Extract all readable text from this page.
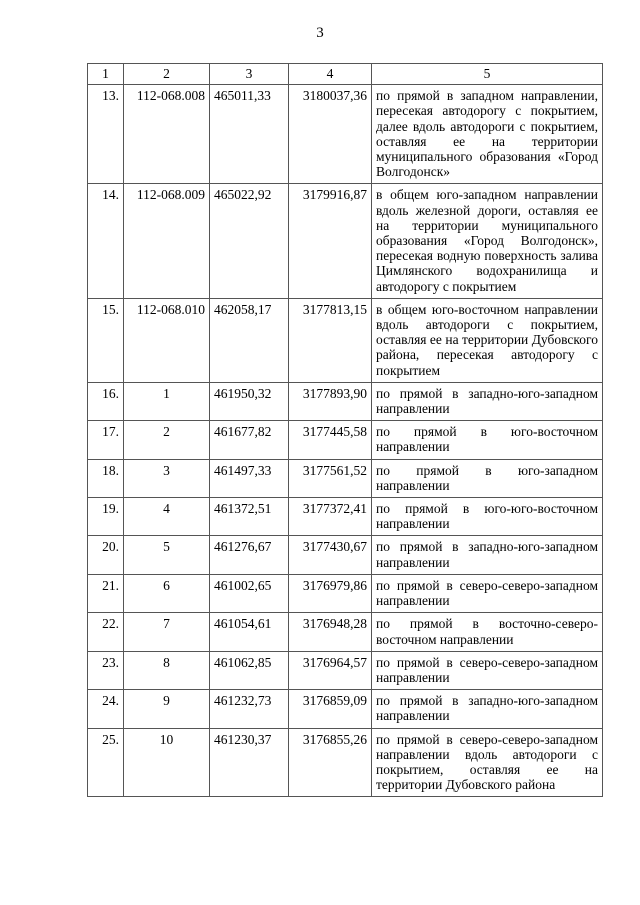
3
1	2	3	4	5
13.	112-068.008	465011,33	3180037,36	по прямой в западном направлении, пересекая автодорогу с покрытием, далее вдоль автодороги с покрытием, оставляя ее на территории муниципального образования «Город Волгодонск»
14.	112-068.009	465022,92	3179916,87	в общем юго-западном направлении вдоль железной дороги, оставляя ее на территории муниципального образования «Город Волгодонск», пересекая водную поверхность залива Цимлянского водохранилища и автодорогу с покрытием
15.	112-068.010	462058,17	3177813,15	в общем юго-восточном направлении вдоль автодороги с покрытием, оставляя ее на территории Дубовского района, пересекая автодорогу с покрытием
16.	1	461950,32	3177893,90	по прямой в западно-юго-западном направлении
17.	2	461677,82	3177445,58	по прямой в юго-восточном направлении
18.	3	461497,33	3177561,52	по прямой в юго-западном направлении
19.	4	461372,51	3177372,41	по прямой в юго-юго-восточном направлении
20.	5	461276,67	3177430,67	по прямой в западно-юго-западном направлении
21.	6	461002,65	3176979,86	по прямой в северо-северо-западном направлении
22.	7	461054,61	3176948,28	по прямой в восточно-северо-восточном направлении
23.	8	461062,85	3176964,57	по прямой в северо-северо-западном направлении
24.	9	461232,73	3176859,09	по прямой в западно-юго-западном направлении
25.	10	461230,37	3176855,26	по прямой в северо-северо-западном направлении вдоль автодороги с покрытием, оставляя ее на территории Дубовского района
